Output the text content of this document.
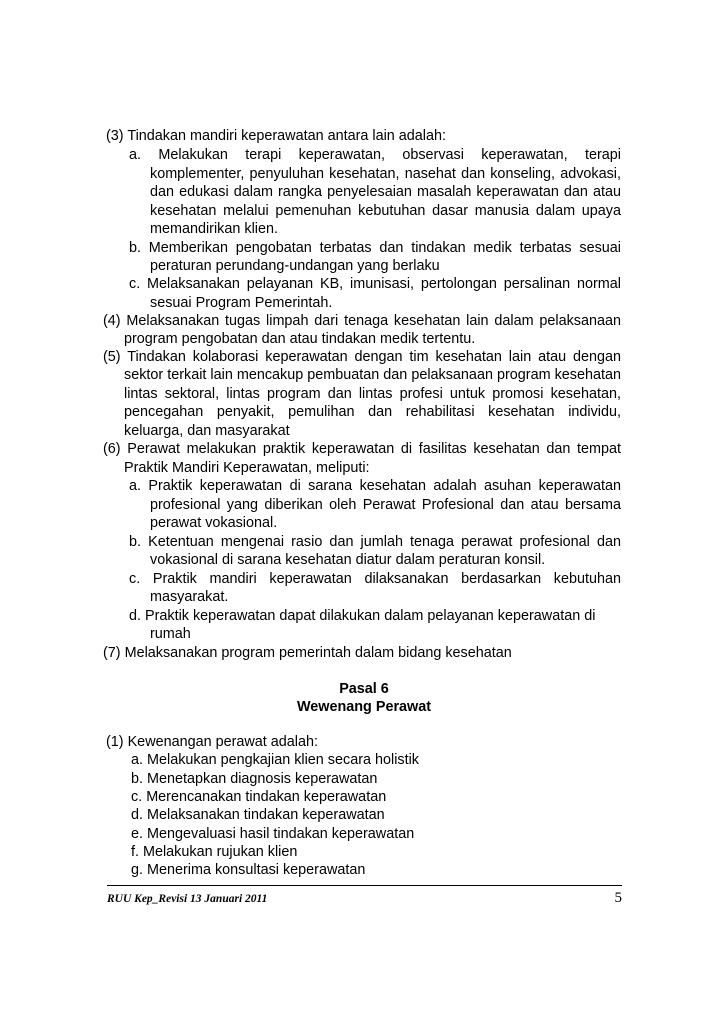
(3) Tindakan mandiri keperawatan antara lain adalah:
a. Melakukan terapi keperawatan, observasi keperawatan, terapi
komplementer, penyuluhan kesehatan, nasehat dan konseling, advokasi,
dan edukasi dalam rangka penyelesaian masalah keperawatan dan atau
kesehatan melalui pemenuhan kebutuhan dasar manusia dalam upaya
memandirikan klien.
b. Memberikan pengobatan terbatas dan tindakan medik terbatas sesuai
peraturan perundang-undangan yang berlaku
c. Melaksanakan pelayanan KB, imunisasi, pertolongan persalinan normal
sesuai Program Pemerintah.
(4) Melaksanakan tugas limpah dari tenaga kesehatan lain dalam pelaksanaan
program pengobatan dan atau tindakan medik tertentu.
(5) Tindakan kolaborasi keperawatan dengan tim kesehatan lain atau dengan
sektor terkait lain mencakup pembuatan dan pelaksanaan program kesehatan
lintas sektoral, lintas program dan lintas profesi untuk promosi kesehatan,
pencegahan penyakit, pemulihan dan rehabilitasi kesehatan individu,
keluarga, dan masyarakat
(6) Perawat melakukan praktik keperawatan di fasilitas kesehatan dan tempat
Praktik Mandiri Keperawatan, meliputi:
a. Praktik keperawatan di sarana kesehatan adalah asuhan keperawatan
profesional yang diberikan oleh Perawat Profesional dan atau bersama
perawat vokasional.
b. Ketentuan mengenai rasio dan jumlah tenaga perawat profesional dan
vokasional di sarana kesehatan diatur dalam peraturan konsil.
c. Praktik mandiri keperawatan dilaksanakan berdasarkan kebutuhan
masyarakat.
d. Praktik keperawatan dapat dilakukan dalam pelayanan keperawatan di
rumah
(7) Melaksanakan program pemerintah dalam bidang kesehatan
Pasal 6
Wewenang Perawat
(1) Kewenangan perawat adalah:
a. Melakukan pengkajian klien secara holistik
b. Menetapkan diagnosis keperawatan
c. Merencanakan tindakan keperawatan
d. Melaksanakan tindakan keperawatan
e. Mengevaluasi hasil tindakan keperawatan
f. Melakukan rujukan klien
g. Menerima konsultasi keperawatan
RUU Kep_Revisi 13 Januari 2011	5
